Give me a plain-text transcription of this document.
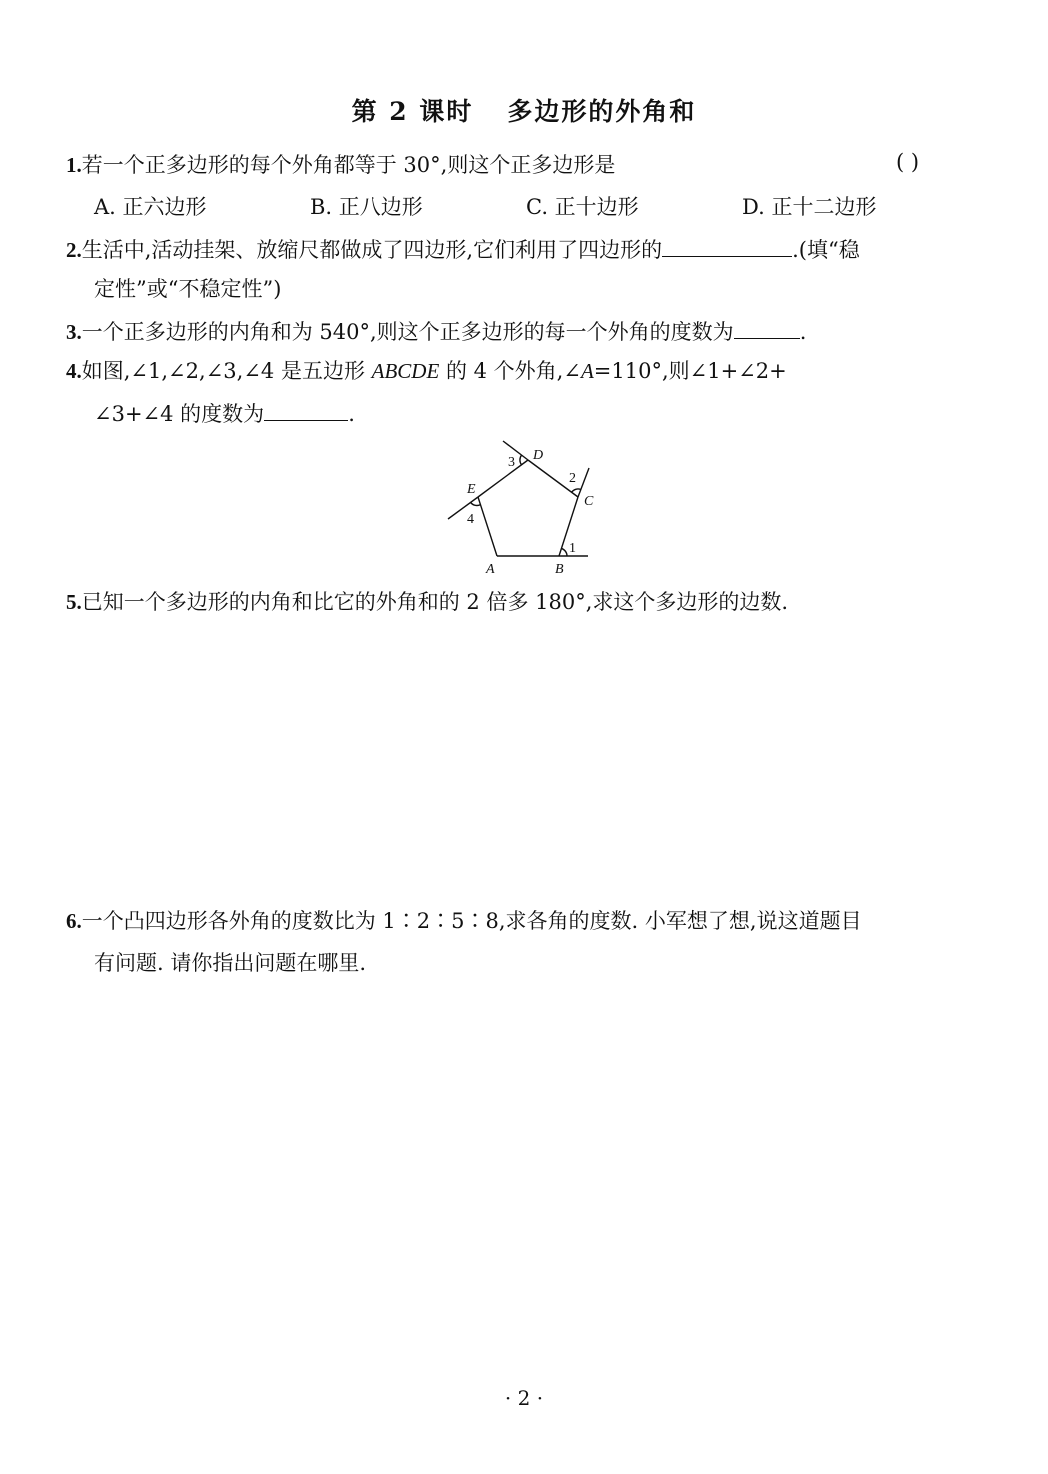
第 2 课时 多边形的外角和
1.若一个正多边形的每个外角都等于 30°,则这个正多边形是	( )
A. 正六边形	B. 正八边形	C. 正十边形	D. 正十二边形
2.生活中,活动挂架、放缩尺都做成了四边形,它们利用了四边形的	.(填“稳
定性”或“不稳定性”)
3.一个正多边形的内角和为 540°,则这个正多边形的每一个外角的度数为	.
4.如图,∠1,∠2,∠3,∠4 是五边形 ABCDE 的 4 个外角,∠A=110°,则∠1+∠2+
∠3+∠4 的度数为	.
A	B
C
D
E
1
2
3
4
5.已知一个多边形的内角和比它的外角和的 2 倍多 180°,求这个多边形的边数.
6.一个凸四边形各外角的度数比为 1∶2∶5∶8,求各角的度数. 小军想了想,说这道题目
有问题. 请你指出问题在哪里.
· 2 ·
